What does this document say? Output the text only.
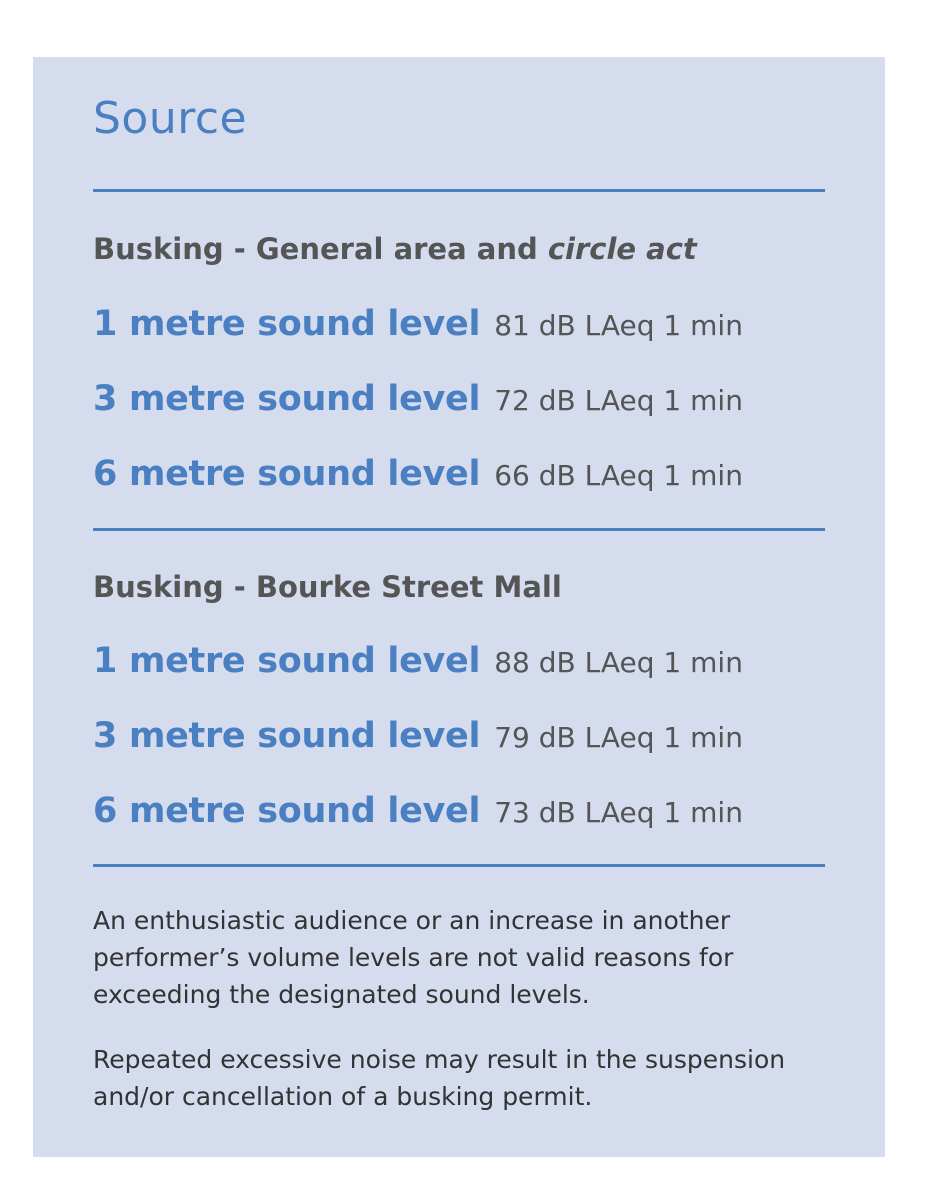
Source
Busking - General area and circle act
1 metre sound level 81 dB LAeq 1 min
3 metre sound level 72 dB LAeq 1 min
6 metre sound level 66 dB LAeq 1 min
Busking - Bourke Street Mall
1 metre sound level 88 dB LAeq 1 min
3 metre sound level 79 dB LAeq 1 min
6 metre sound level 73 dB LAeq 1 min
An enthusiastic audience or an increase in another performer’s volume levels are not valid reasons for exceeding the designated sound levels.
Repeated excessive noise may result in the suspension and/or cancellation of a busking permit.
